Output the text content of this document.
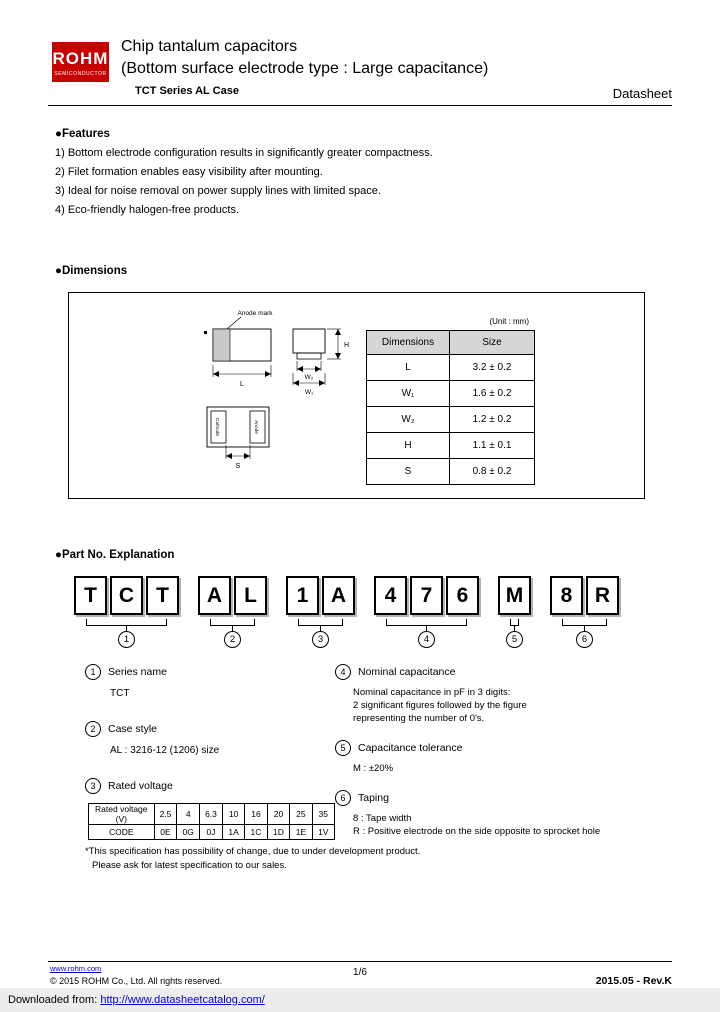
ROHM
SEMICONDUCTOR
Chip tantalum capacitors
(Bottom surface electrode type : Large capacitance)
TCT Series AL Case	Datasheet
●Features
1) Bottom electrode configuration results in significantly greater compactness.
2) Filet formation enables easy visibility after mounting.
3) Ideal for noise removal on power supply lines with limited space.
4) Eco-friendly halogen-free products.
●Dimensions
Anode mark
L
H
W₂
W₁
Cathode	Anode
S
(Unit : mm)
Dimensions	Size
L	3.2 ± 0.2
W₁	1.6 ± 0.2
W₂	1.2 ± 0.2
H	1.1 ± 0.1
S	0.8 ± 0.2
●Part No. Explanation
T	C	T
1
A	L
2
1	A
3
4	7	6
4
M
5
8	R
6
1	Series name
TCT
2	Case style
AL : 3216-12 (1206) size
3	Rated voltage
Rated voltage (V)	2.5	4	6.3	10	16	20	25	35
CODE	0E	0G	0J	1A	1C	1D	1E	1V
4	Nominal capacitance
Nominal capacitance in pF in 3 digits:
2 significant figures followed by the figure
representing the number of 0's.
5	Capacitance tolerance
M : ±20%
6	Taping
8 : Tape width
R : Positive electrode on the side opposite to sprocket hole
*This specification has possibility of change, due to under development product.
Please ask for latest specification to our sales.
www.rohm.com
© 2015 ROHM Co., Ltd. All rights reserved.
1/6
2015.05 - Rev.K
Downloaded from: http://www.datasheetcatalog.com/
